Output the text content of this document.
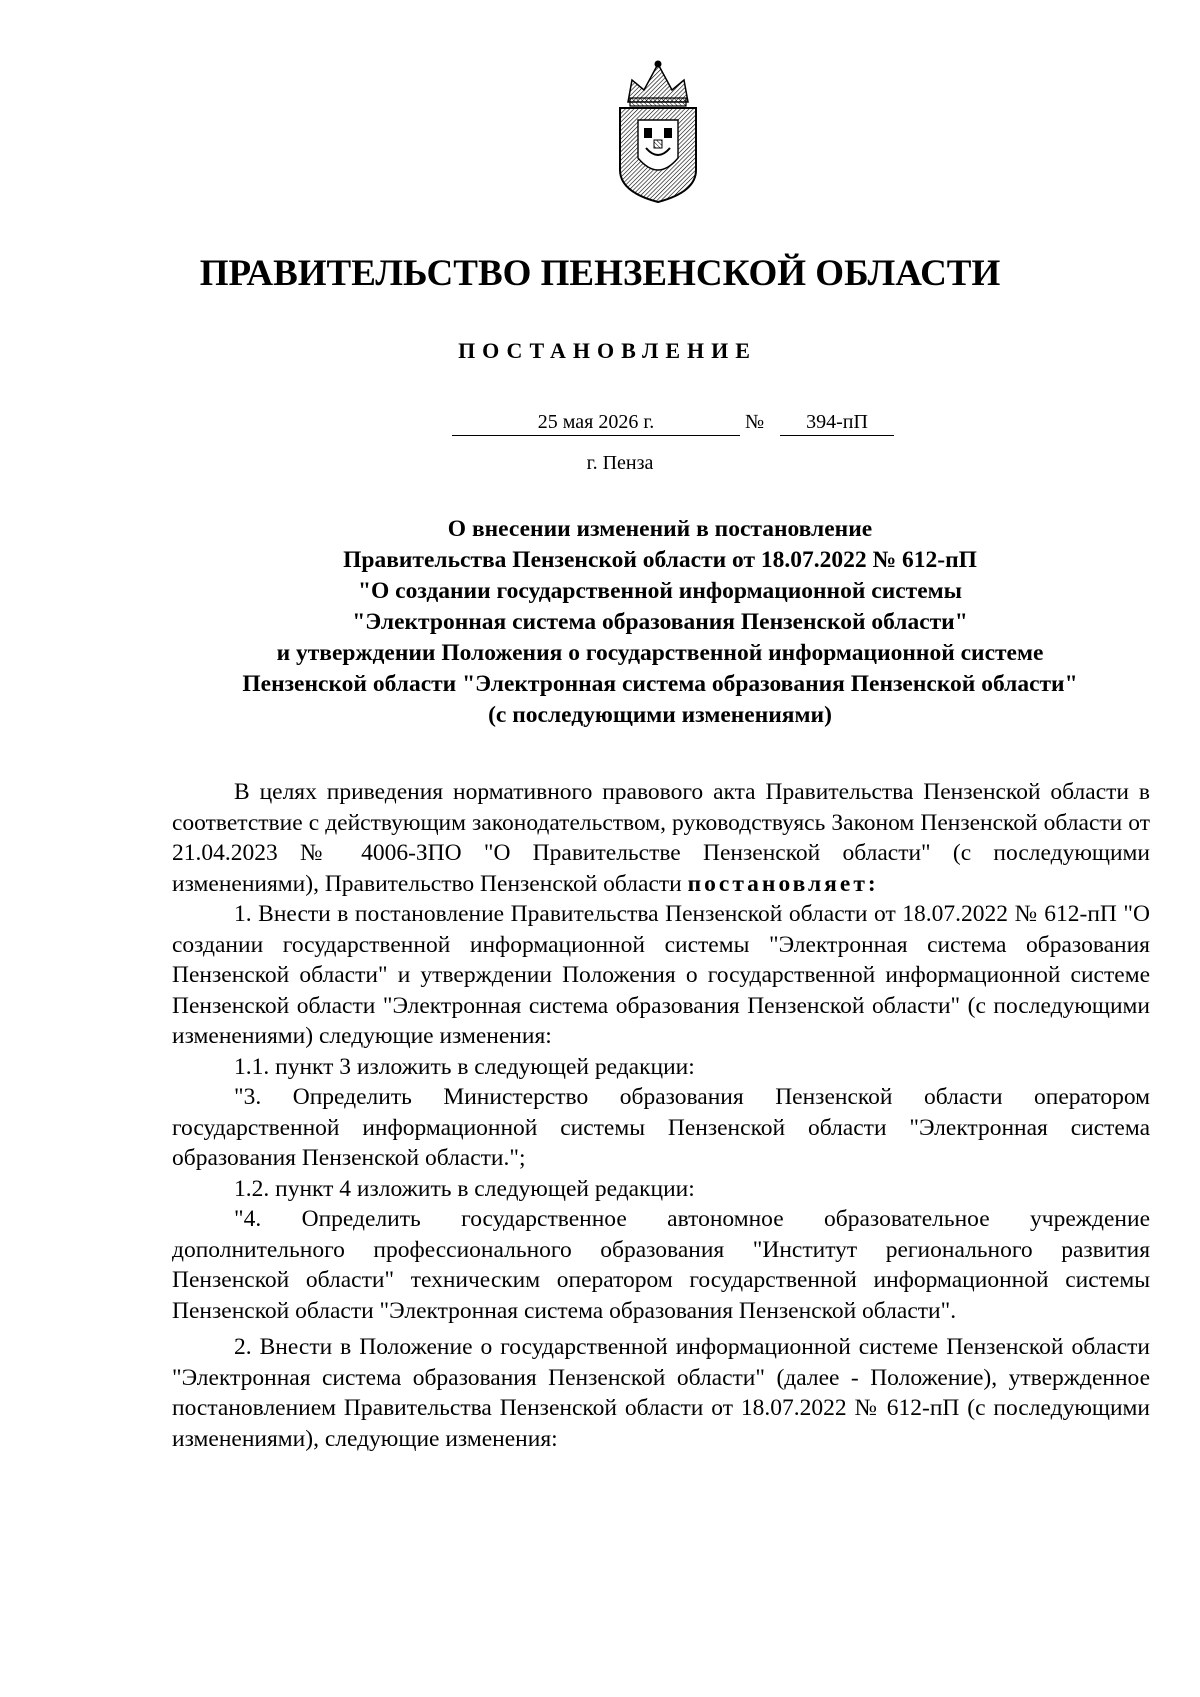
ПРАВИТЕЛЬСТВО ПЕНЗЕНСКОЙ ОБЛАСТИ
ПОСТАНОВЛЕНИЕ
25 мая 2026 г.	№	394-пП
г. Пенза
О внесении изменений в постановление
Правительства Пензенской области от 18.07.2022 № 612-пП
"О создании государственной информационной системы
"Электронная система образования Пензенской области"
и утверждении Положения о государственной информационной системе
Пензенской области "Электронная система образования Пензенской области"
(с последующими изменениями)

В целях приведения нормативного правового акта Правительства Пензенской области в соответствие с действующим законодательством, руководствуясь Законом Пензенской области от 21.04.2023 № 4006-ЗПО "О Правительстве Пензенской области" (с последующими изменениями), Правительство Пензенской области постановляет:

1. Внести в постановление Правительства Пензенской области от 18.07.2022 № 612-пП "О создании государственной информационной системы "Электронная система образования Пензенской области" и утверждении Положения о государственной информационной системе Пензенской области "Электронная система образования Пензенской области" (с последующими изменениями) следующие изменения:

1.1. пункт 3 изложить в следующей редакции:

"3. Определить Министерство образования Пензенской области оператором государственной информационной системы Пензенской области "Электронная система образования Пензенской области.";

1.2. пункт 4 изложить в следующей редакции:

"4. Определить государственное автономное образовательное учреждение дополнительного профессионального образования "Институт регионального развития Пензенской области" техническим оператором государственной информационной системы Пензенской области "Электронная система образования Пензенской области".

2. Внести в Положение о государственной информационной системе Пензенской области "Электронная система образования Пензенской области" (далее - Положение), утвержденное постановлением Правительства Пензенской области от 18.07.2022 № 612-пП (с последующими изменениями), следующие изменения:
